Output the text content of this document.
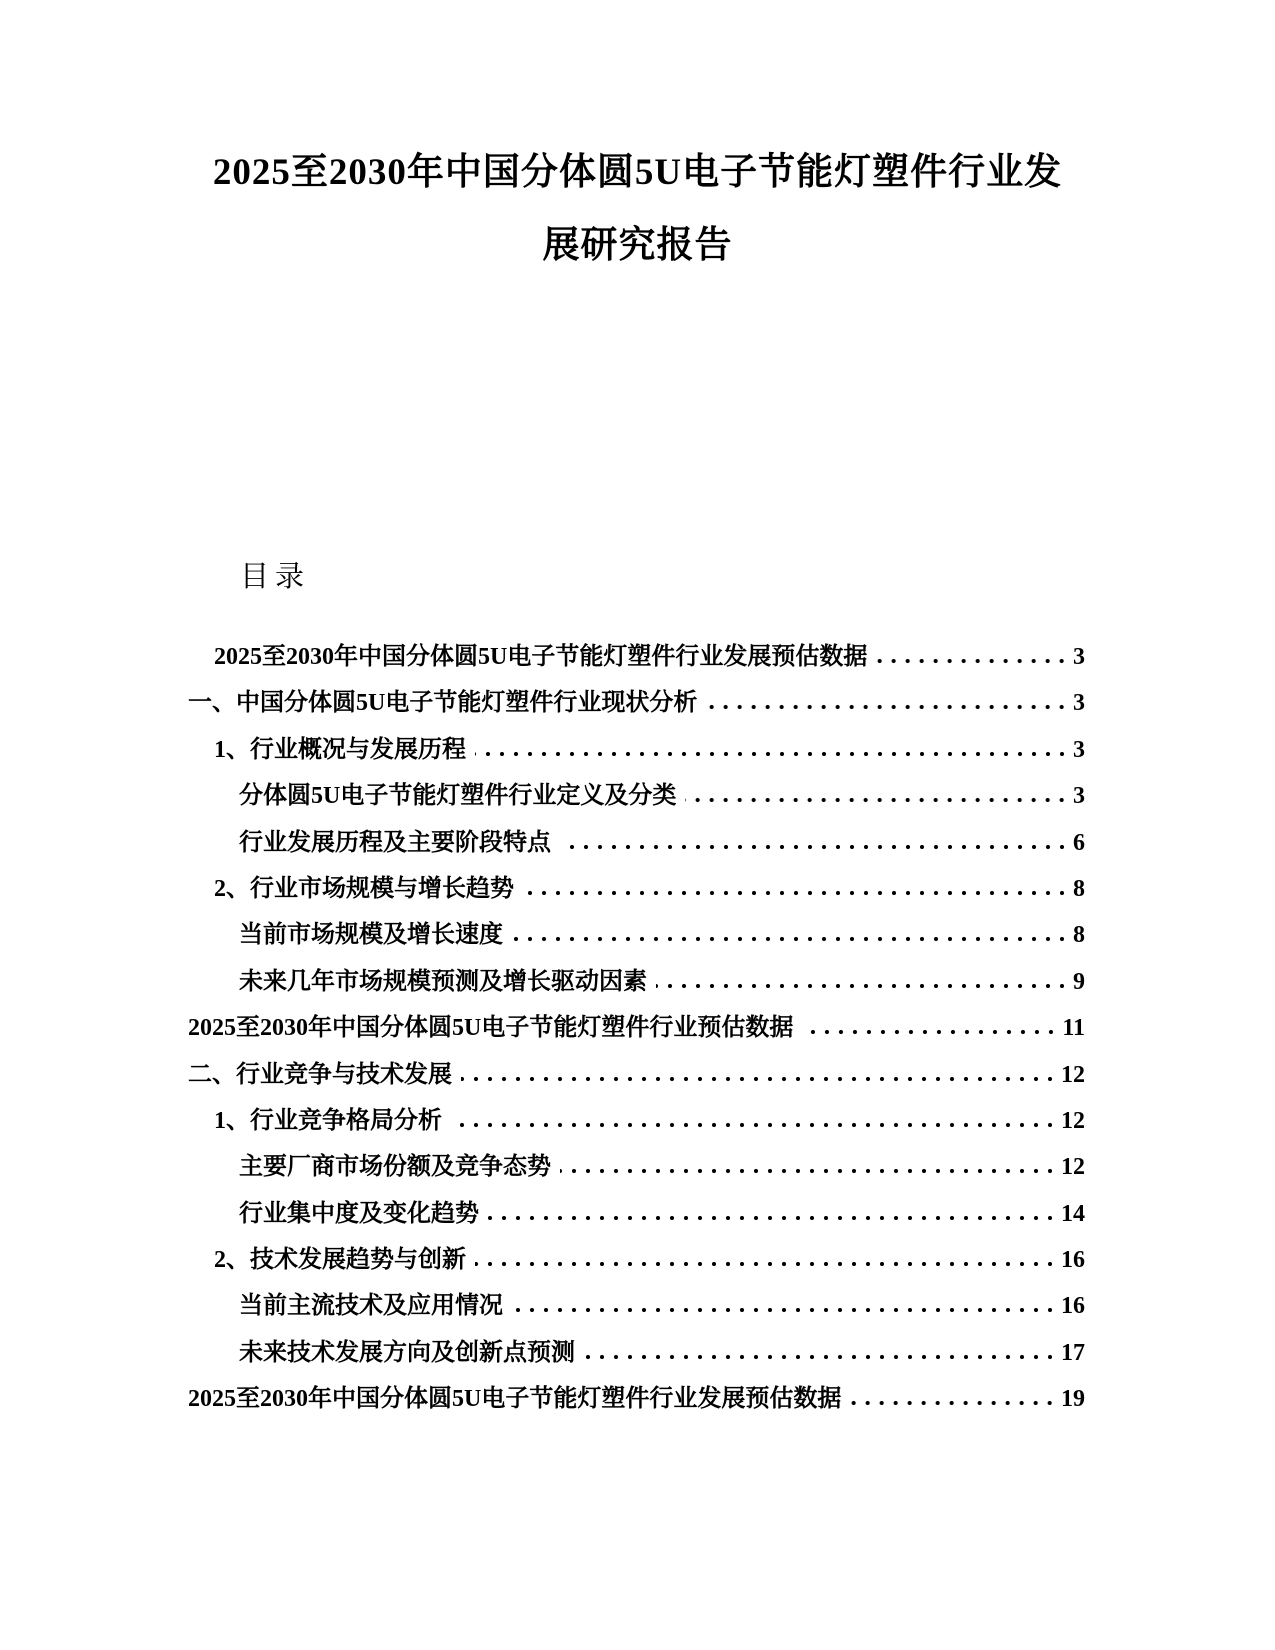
2025至2030年中国分体圆5U电子节能灯塑件行业发
展研究报告
目录
2025至2030年中国分体圆5U电子节能灯塑件行业发展预估数据	3
一、中国分体圆5U电子节能灯塑件行业现状分析	3
1、行业概况与发展历程	3
分体圆5U电子节能灯塑件行业定义及分类	3
行业发展历程及主要阶段特点	6
2、行业市场规模与增长趋势	8
当前市场规模及增长速度	8
未来几年市场规模预测及增长驱动因素	9
2025至2030年中国分体圆5U电子节能灯塑件行业预估数据	11
二、行业竞争与技术发展	12
1、行业竞争格局分析	12
主要厂商市场份额及竞争态势	12
行业集中度及变化趋势	14
2、技术发展趋势与创新	16
当前主流技术及应用情况	16
未来技术发展方向及创新点预测	17
2025至2030年中国分体圆5U电子节能灯塑件行业发展预估数据	19
